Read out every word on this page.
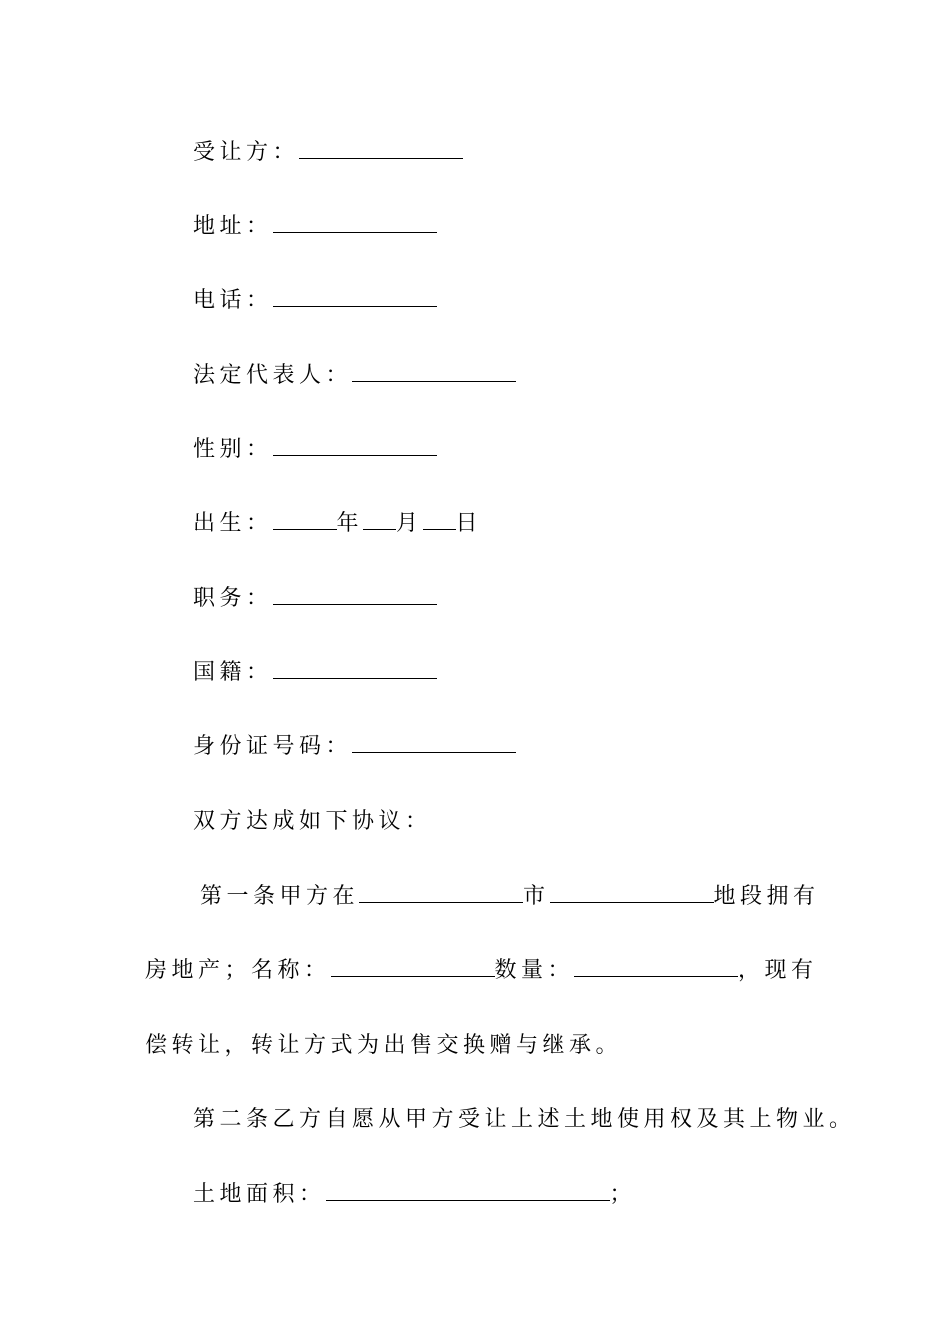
受让方：
地址：
电话：
法定代表人：
性别：
出生：	年 月 日
职务：
国籍：
身份证号码：
双方达成如下协议：
第一条甲方在	市	地段拥有
房地产；名称：	数量：	，现有
偿转让，转让方式为出售交换赠与继承。
第二条乙方自愿从甲方受让上述土地使用权及其上物业。
土地面积：	；
